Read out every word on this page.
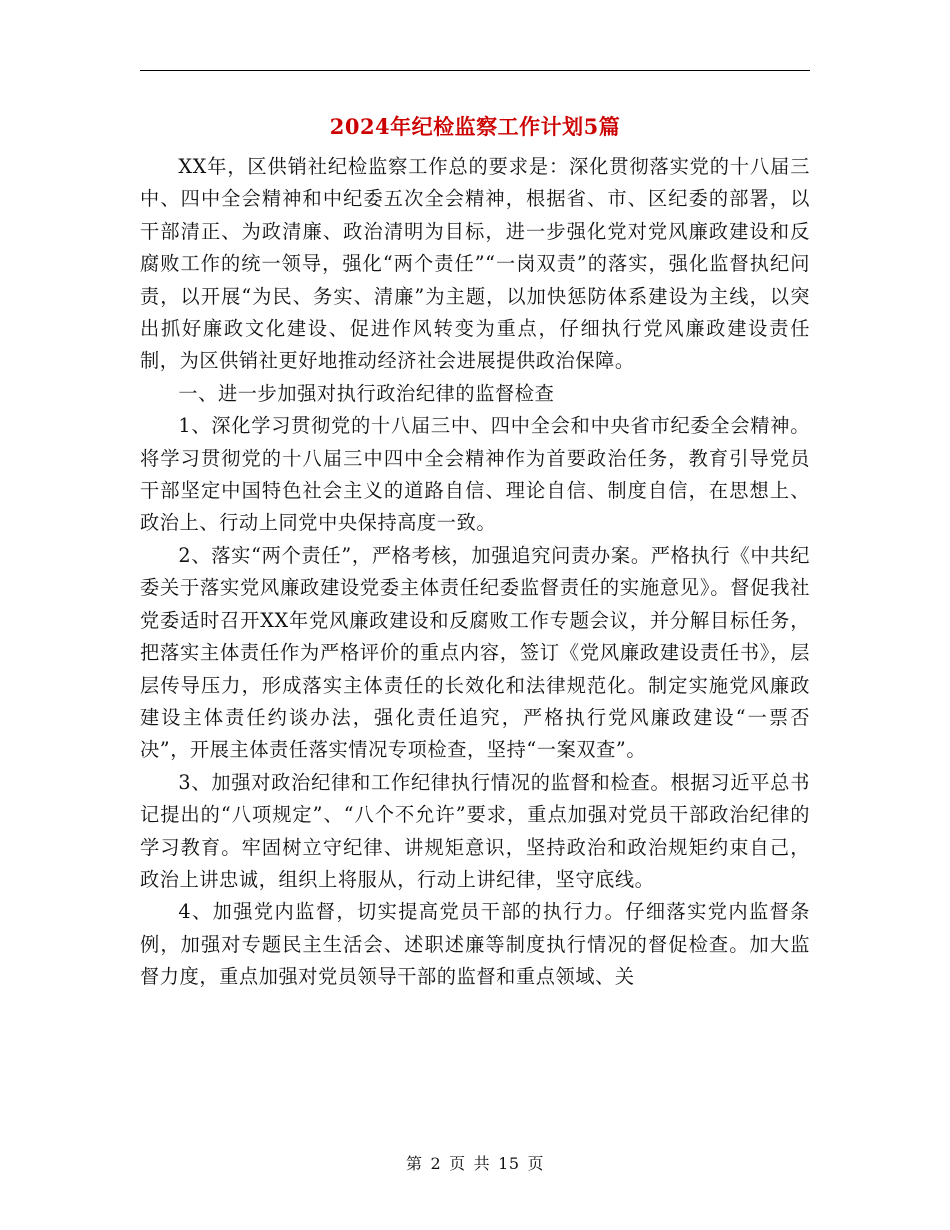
2024年纪检监察工作计划5篇

XX年，区供销社纪检监察工作总的要求是：深化贯彻落实党的十八届三中、四中全会精神和中纪委五次全会精神，根据省、市、区纪委的部署，以干部清正、为政清廉、政治清明为目标，进一步强化党对党风廉政建设和反腐败工作的统一领导，强化“两个责任”“一岗双责”的落实，强化监督执纪问责，以开展“为民、务实、清廉”为主题，以加快惩防体系建设为主线，以突出抓好廉政文化建设、促进作风转变为重点，仔细执行党风廉政建设责任制，为区供销社更好地推动经济社会进展提供政治保障。

一、进一步加强对执行政治纪律的监督检查

1、深化学习贯彻党的十八届三中、四中全会和中央省市纪委全会精神。将学习贯彻党的十八届三中四中全会精神作为首要政治任务，教育引导党员干部坚定中国特色社会主义的道路自信、理论自信、制度自信，在思想上、政治上、行动上同党中央保持高度一致。

2、落实“两个责任”，严格考核，加强追究问责办案。严格执行《中共纪委关于落实党风廉政建设党委主体责任纪委监督责任的实施意见》。督促我社党委适时召开XX年党风廉政建设和反腐败工作专题会议，并分解目标任务，把落实主体责任作为严格评价的重点内容，签订《党风廉政建设责任书》，层层传导压力，形成落实主体责任的长效化和法律规范化。制定实施党风廉政建设主体责任约谈办法，强化责任追究，严格执行党风廉政建设“一票否决”，开展主体责任落实情况专项检查，坚持“一案双查”。

3、加强对政治纪律和工作纪律执行情况的监督和检查。根据习近平总书记提出的“八项规定”、“八个不允许”要求，重点加强对党员干部政治纪律的学习教育。牢固树立守纪律、讲规矩意识，坚持政治和政治规矩约束自己，政治上讲忠诚，组织上将服从，行动上讲纪律，坚守底线。

4、加强党内监督，切实提高党员干部的执行力。仔细落实党内监督条例，加强对专题民主生活会、述职述廉等制度执行情况的督促检查。加大监督力度，重点加强对党员领导干部的监督和重点领域、关

第 2 页 共 15 页
